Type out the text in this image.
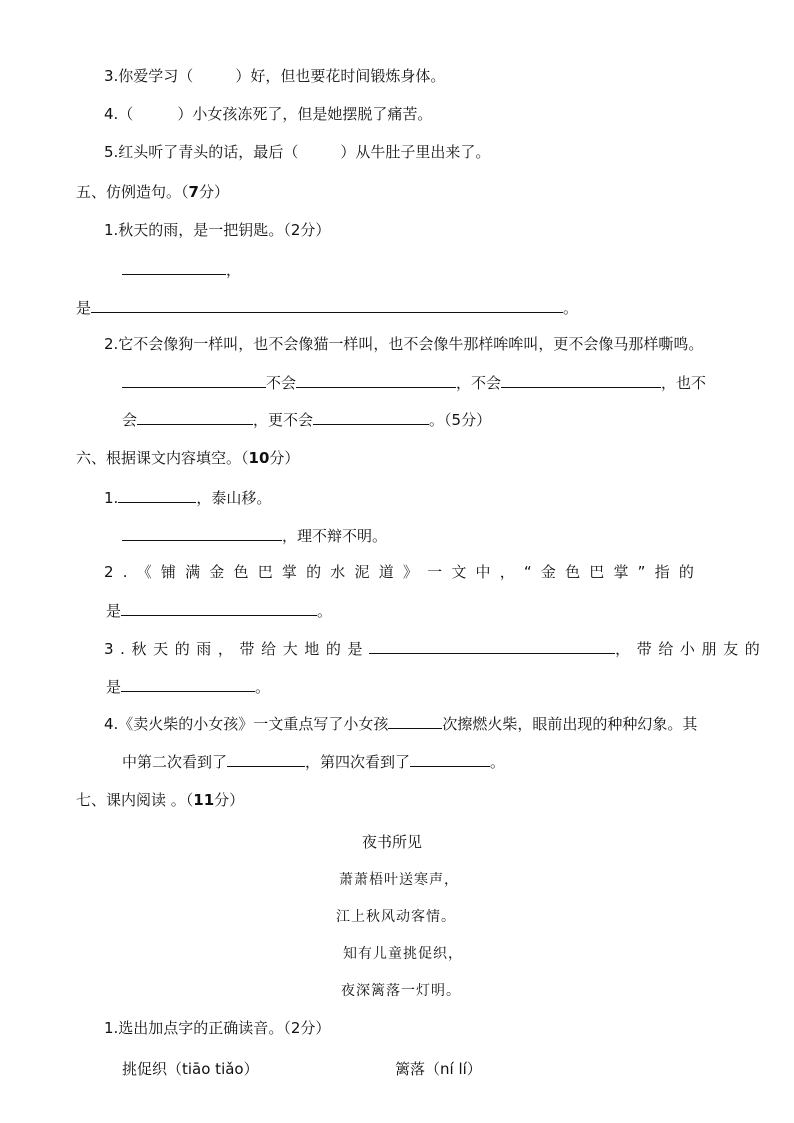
3.你爱学习（	）好，但也要花时间锻炼身体。
4.（	）小女孩冻死了，但是她摆脱了痛苦。
5.红头听了青头的话，最后（	）从牛肚子里出来了。
五、仿例造句。（7分）
1.秋天的雨，是一把钥匙。（2分）
，
是	。
2.它不会像狗一样叫，也不会像猫一样叫，也不会像牛那样哞哞叫，更不会像马那样嘶鸣。
不会	，不会	，也不
会	，更不会	。（5分）
六、根据课文内容填空。（10分）
1.	，泰山移。
，理不辩不明。
2.《铺满金色巴掌的水泥道》一文中，“金色巴掌”指的
是	。
3.秋天的雨，带给大地的是	，带给小朋友的
是	。
4.《卖火柴的小女孩》一文重点写了小女孩	次擦燃火柴，眼前出现的种种幻象。其
中第二次看到了	，第四次看到了	。
七、课内阅读 。（11分）
夜书所见
萧萧梧叶送寒声，
江上秋风动客情。
知有儿童挑促织，
夜深篱落一灯明。
1.选出加点字的正确读音。（2分）
挑促织（tiāo tiǎo）	篱落（ní lí）
